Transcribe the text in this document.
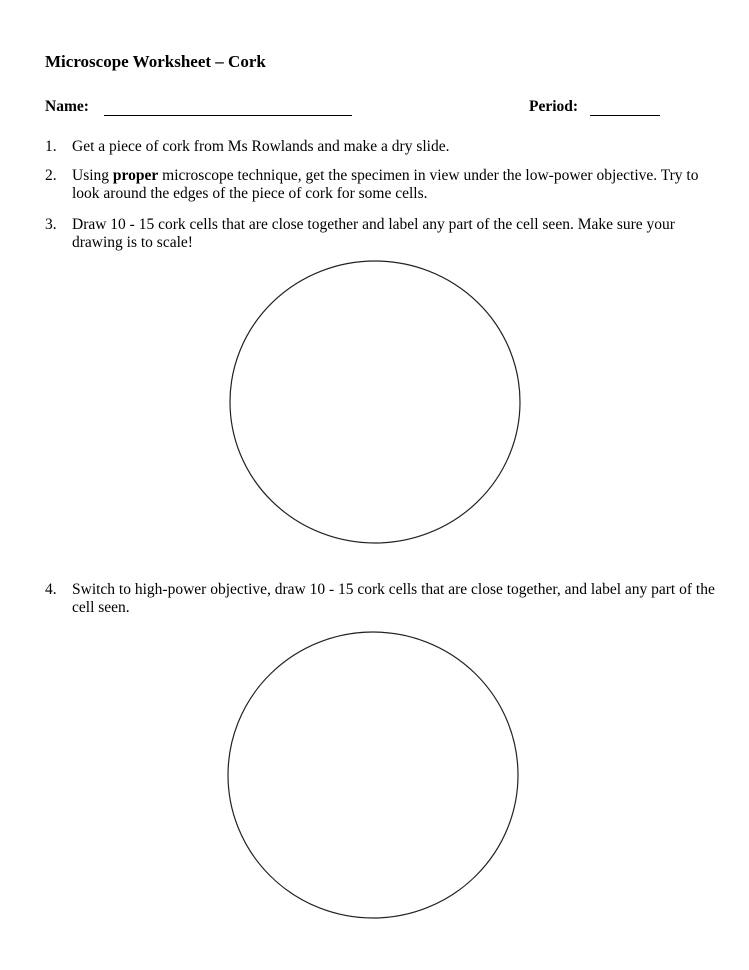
Microscope Worksheet – Cork
Name:	Period:
1. Get a piece of cork from Ms Rowlands and make a dry slide.
2. Using proper microscope technique, get the specimen in view under the low-power objective. Try to look around the edges of the piece of cork for some cells.
3. Draw 10 - 15 cork cells that are close together and label any part of the cell seen. Make sure your drawing is to scale!
4. Switch to high-power objective, draw 10 - 15 cork cells that are close together, and label any part of the cell seen.
